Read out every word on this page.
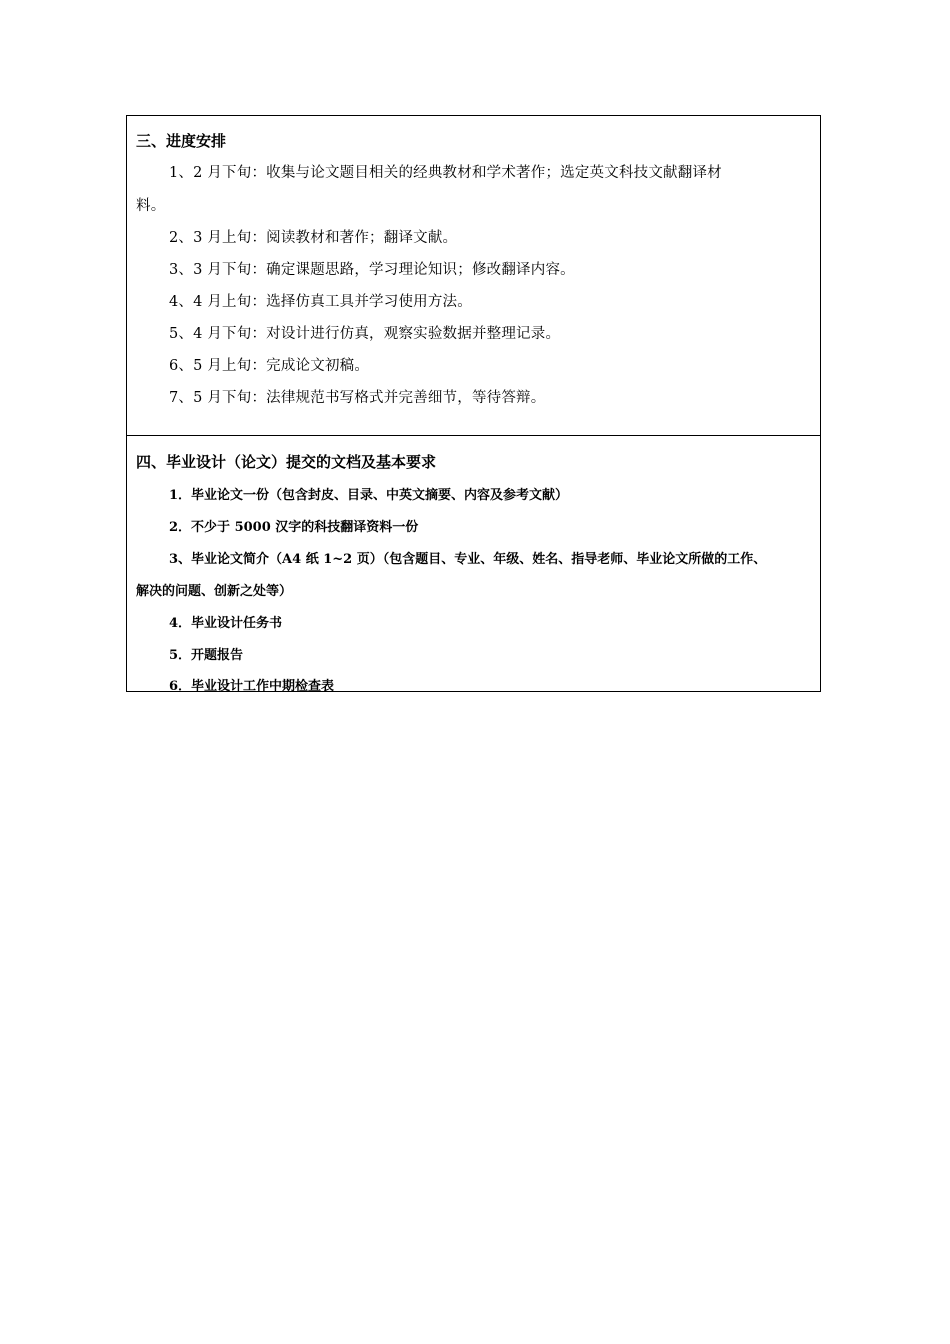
三、进度安排
1、2 月下旬：收集与论文题目相关的经典教材和学术著作；选定英文科技文献翻译材
料。
2、3 月上旬：阅读教材和著作；翻译文献。
3、3 月下旬：确定课题思路，学习理论知识；修改翻译内容。
4、4 月上旬：选择仿真工具并学习使用方法。
5、4 月下旬：对设计进行仿真，观察实验数据并整理记录。
6、5 月上旬：完成论文初稿。
7、5 月下旬：法律规范书写格式并完善细节，等待答辩。
四、毕业设计（论文）提交的文档及基本要求
1．毕业论文一份（包含封皮、目录、中英文摘要、内容及参考文献）
2．不少于 5000 汉字的科技翻译资料一份
3、毕业论文简介（A4 纸 1~2 页）（包含题目、专业、年级、姓名、指导老师、毕业论文所做的工作、
解决的问题、创新之处等）
4．毕业设计任务书
5．开题报告
6．毕业设计工作中期检查表
